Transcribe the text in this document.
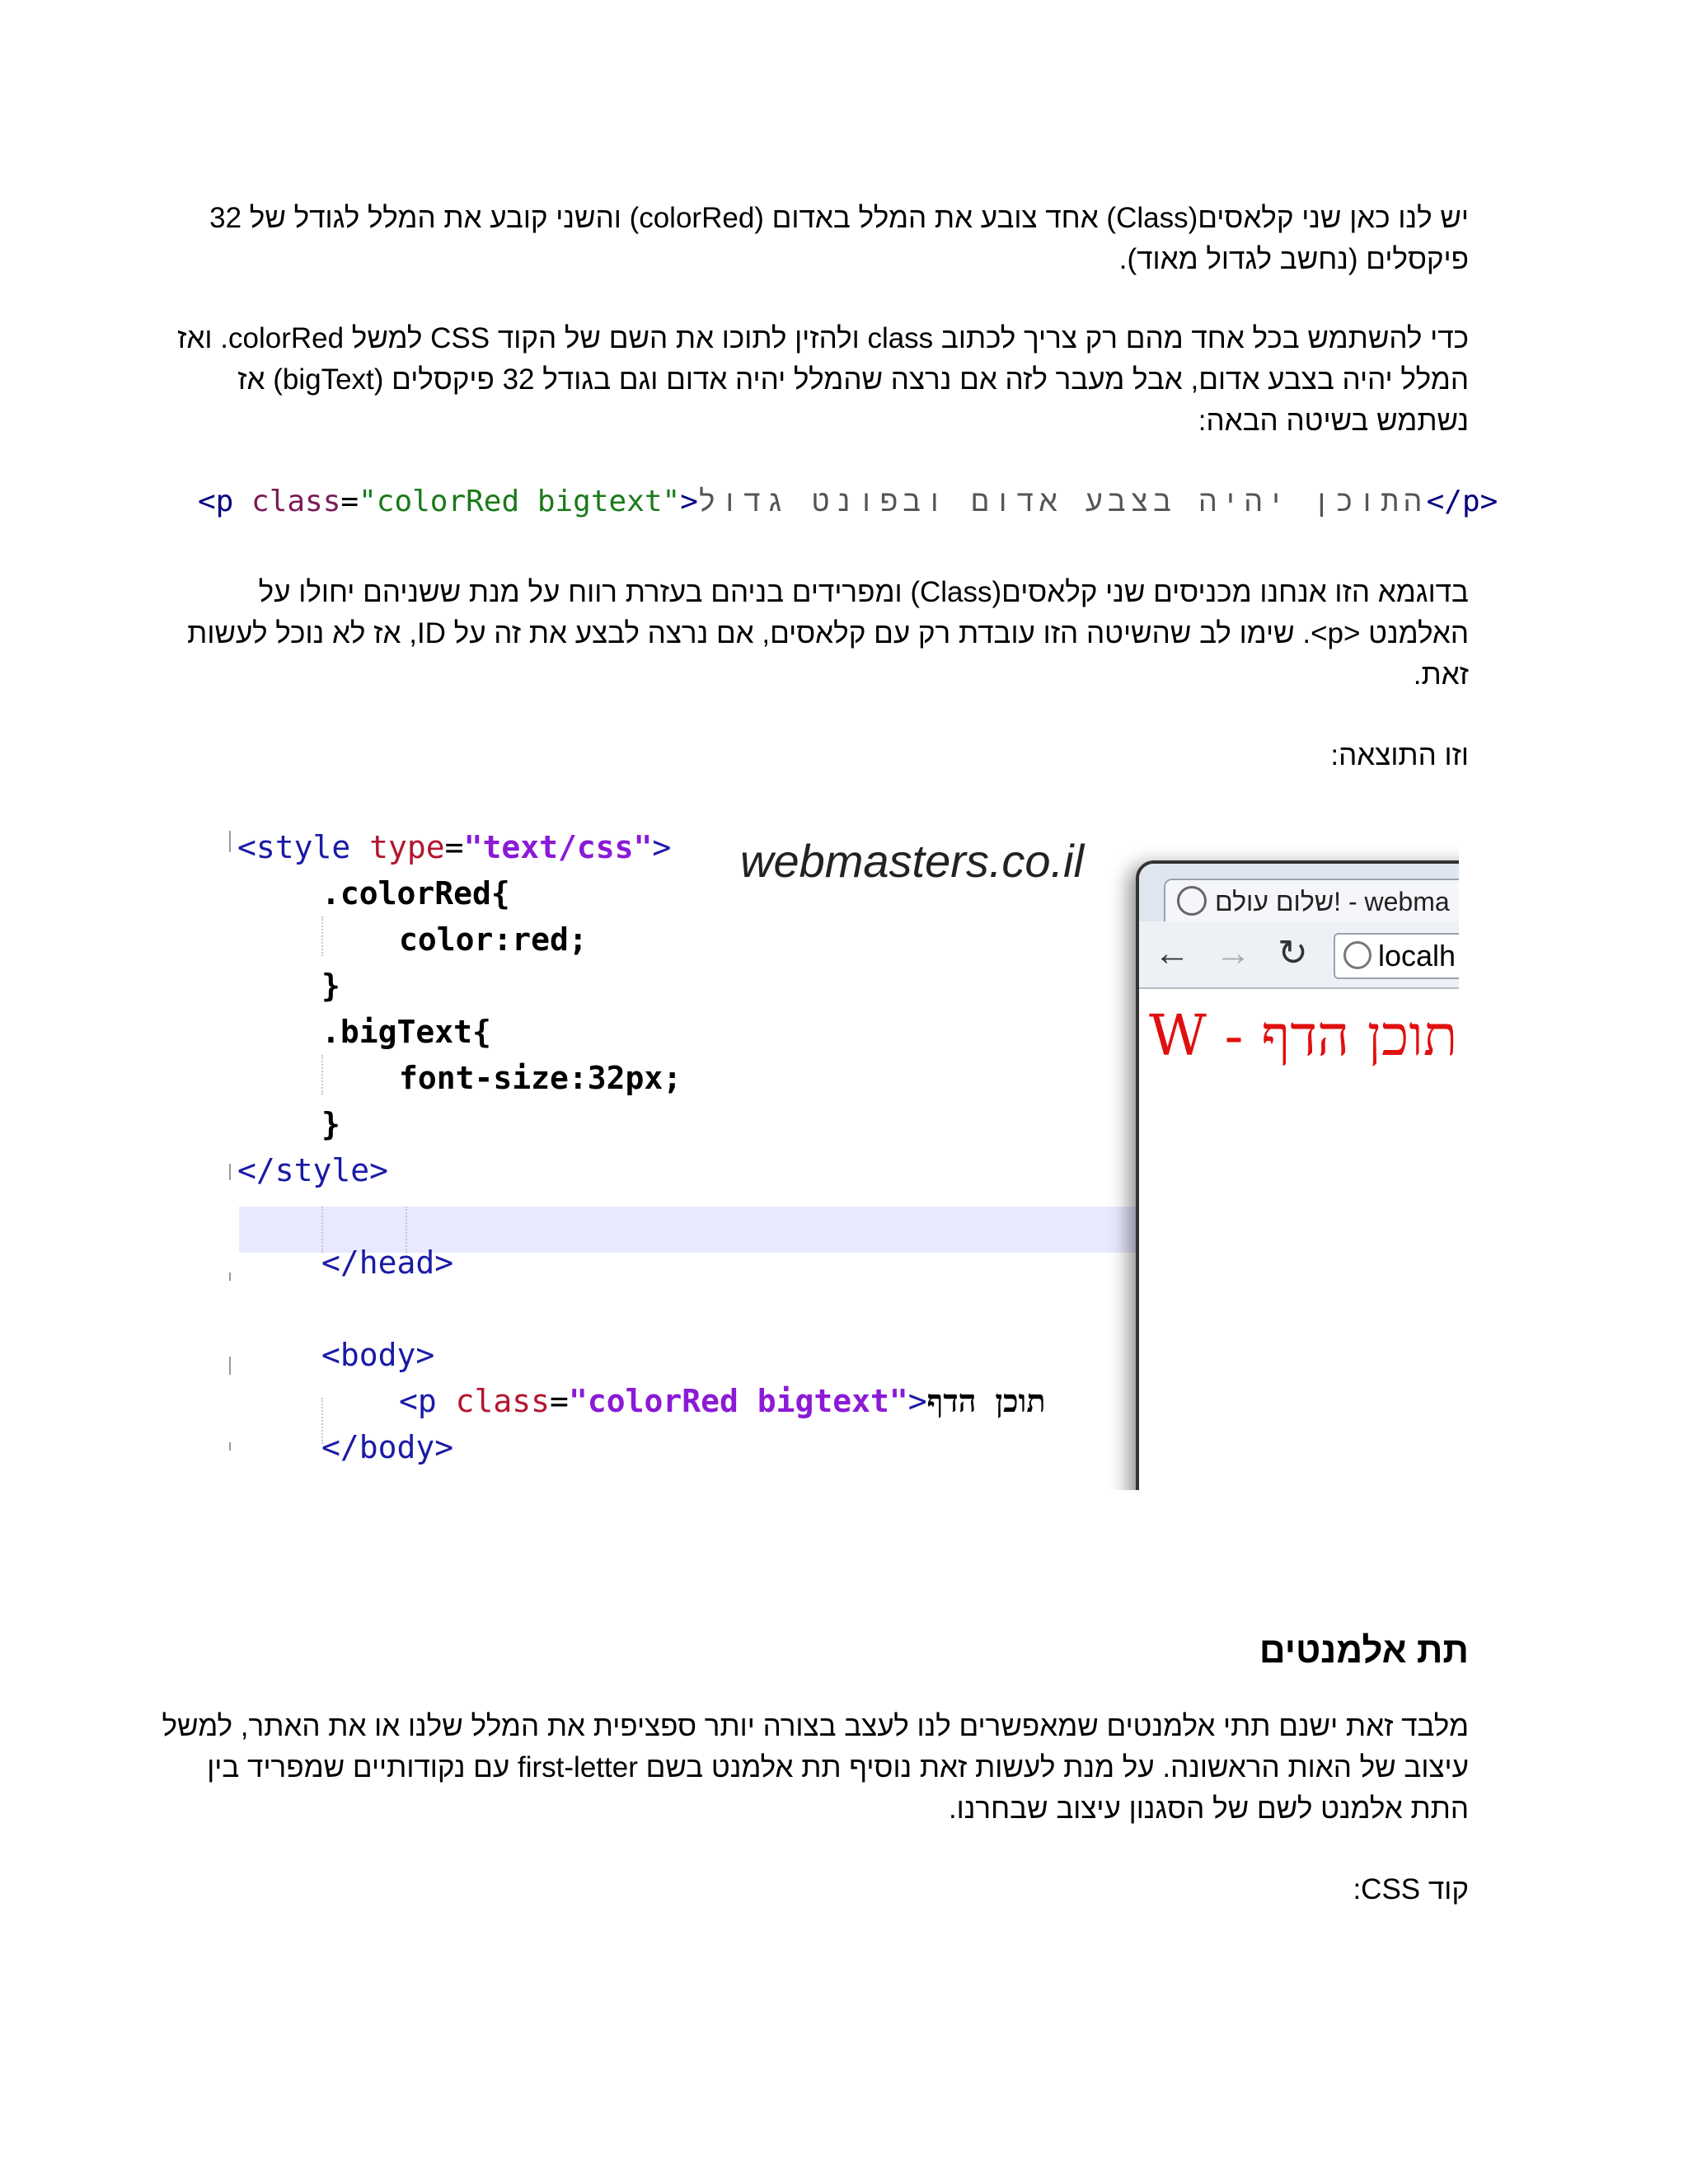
יש לנו כאן שני קלאסים(Class) אחד צובע את המלל באדום (colorRed) והשני קובע את המלל לגודל של 32
פיקסלים (נחשב לגדול מאוד).
כדי להשתמש בכל אחד מהם רק צריך לכתוב class ולהזין לתוכו את השם של הקוד CSS למשל colorRed. ואז
המלל יהיה בצבע אדום, אבל מעבר לזה אם נרצה שהמלל יהיה אדום וגם בגודל 32 פיקסלים (bigText) אז
נשתמש בשיטה הבאה:
<p class="colorRed bigtext">התוכן יהיה בצבע אדום ובפונט גדול</p>
בדוגמא הזו אנחנו מכניסים שני קלאסים(Class) ומפרידים בניהם בעזרת רווח על מנת ששניהם יחולו על
האלמנט <p>. שימו לב שהשיטה הזו עובדת רק עם קלאסים, אם נרצה לבצע את זה על ID, אז לא נוכל לעשות
זאת.
וזו התוצאה:
<style type="text/css">
.colorRed{
color:red;
}
.bigText{
font-size:32px;
}
</style>
</head>
<body>
<p class="colorRed bigtext">תוכן הדף
</body>
webmasters.co.il
שלום עולם! - webma
← → ↻	localh
תוכן הדף - W
תת אלמנטים
מלבד זאת ישנם תתי אלמנטים שמאפשרים לנו לעצב בצורה יותר ספציפית את המלל שלנו או את האתר, למשל
עיצוב של האות הראשונה. על מנת לעשות זאת נוסיף תת אלמנט בשם first-letter עם נקודותיים שמפריד בין
התת אלמנט לשם של הסגנון עיצוב שבחרנו.
קוד CSS:
